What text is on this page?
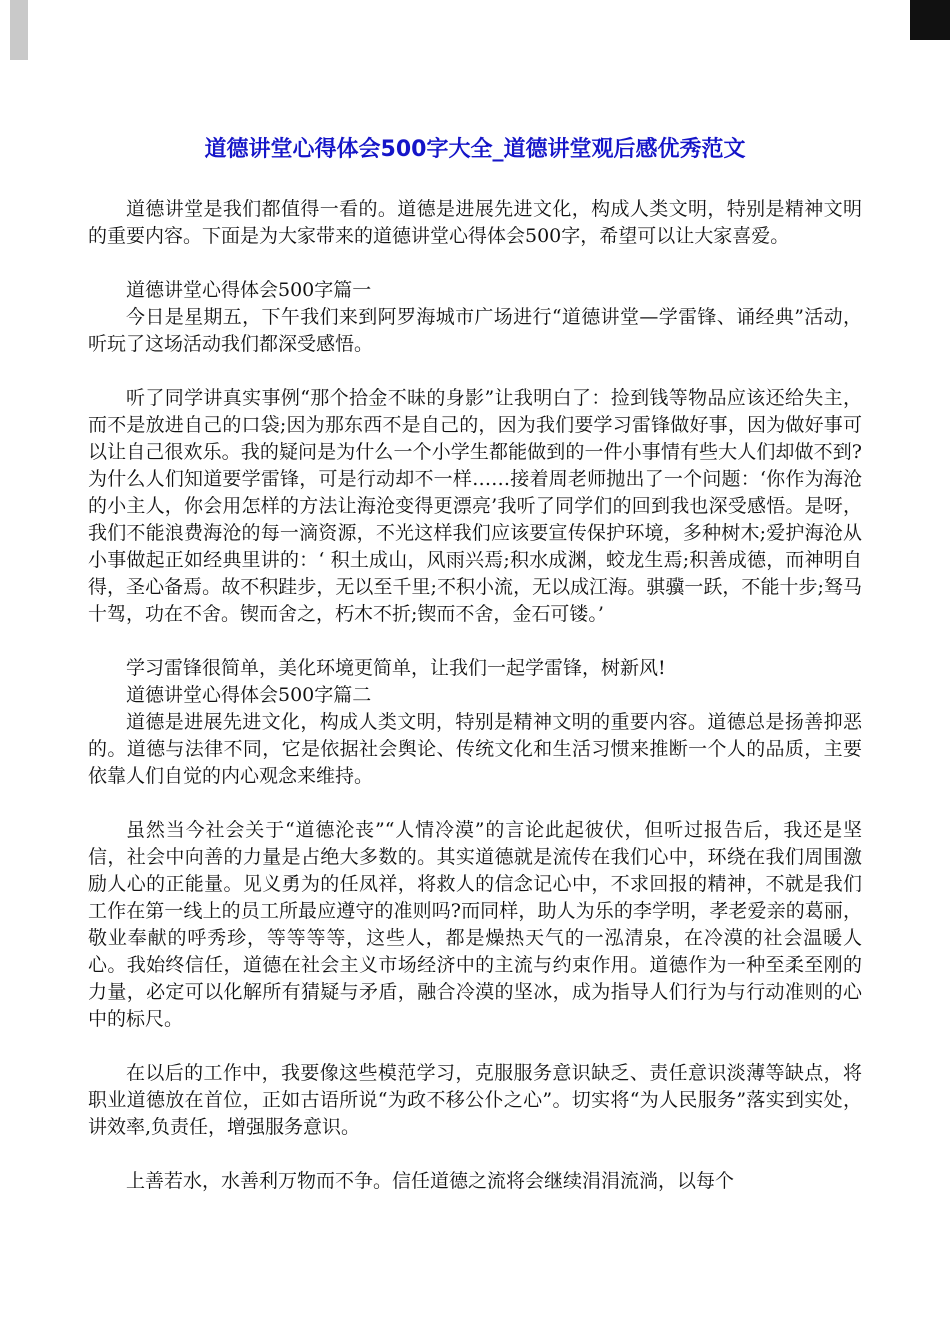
道德讲堂心得体会500字大全_道德讲堂观后感优秀范文

道德讲堂是我们都值得一看的。道德是进展先进文化，构成人类文明，特别是精神文明的重要内容。下面是为大家带来的道德讲堂心得体会500字，希望可以让大家喜爱。

道德讲堂心得体会500字篇一

今日是星期五，下午我们来到阿罗海城市广场进行“道德讲堂—学雷锋、诵经典”活动，听玩了这场活动我们都深受感悟。

听了同学讲真实事例“那个拾金不昧的身影”让我明白了：捡到钱等物品应该还给失主，而不是放进自己的口袋;因为那东西不是自己的，因为我们要学习雷锋做好事，因为做好事可以让自己很欢乐。我的疑问是为什么一个小学生都能做到的一件小事情有些大人们却做不到?为什么人们知道要学雷锋，可是行动却不一样……接着周老师抛出了一个问题：‘你作为海沧的小主人，你会用怎样的方法让海沧变得更漂亮’我听了同学们的回到我也深受感悟。是呀，我们不能浪费海沧的每一滴资源，不光这样我们应该要宣传保护环境，多种树木;爱护海沧从小事做起正如经典里讲的：‘ 积土成山，风雨兴焉;积水成渊，蛟龙生焉;积善成德，而神明自得，圣心备焉。故不积跬步，无以至千里;不积小流，无以成江海。骐骥一跃，不能十步;驽马十驾，功在不舍。锲而舍之，朽木不折;锲而不舍，金石可镂。’

学习雷锋很简单，美化环境更简单，让我们一起学雷锋，树新风!

道德讲堂心得体会500字篇二

道德是进展先进文化，构成人类文明，特别是精神文明的重要内容。道德总是扬善抑恶的。道德与法律不同，它是依据社会舆论、传统文化和生活习惯来推断一个人的品质，主要依靠人们自觉的内心观念来维持。

虽然当今社会关于“道德沦丧”“人情冷漠”的言论此起彼伏，但听过报告后，我还是坚信，社会中向善的力量是占绝大多数的。其实道德就是流传在我们心中，环绕在我们周围激励人心的正能量。见义勇为的任凤祥，将救人的信念记心中，不求回报的精神，不就是我们工作在第一线上的员工所最应遵守的准则吗?而同样，助人为乐的李学明，孝老爱亲的葛丽，敬业奉献的呼秀珍，等等等等，这些人，都是燥热天气的一泓清泉，在冷漠的社会温暖人心。我始终信任，道德在社会主义市场经济中的主流与约束作用。道德作为一种至柔至刚的力量，必定可以化解所有猜疑与矛盾，融合冷漠的坚冰，成为指导人们行为与行动准则的心中的标尺。

在以后的工作中，我要像这些模范学习，克服服务意识缺乏、责任意识淡薄等缺点，将职业道德放在首位，正如古语所说“为政不移公仆之心”。切实将“为人民服务”落实到实处，讲效率,负责任，增强服务意识。

上善若水，水善利万物而不争。信任道德之流将会继续涓涓流淌，以每个
